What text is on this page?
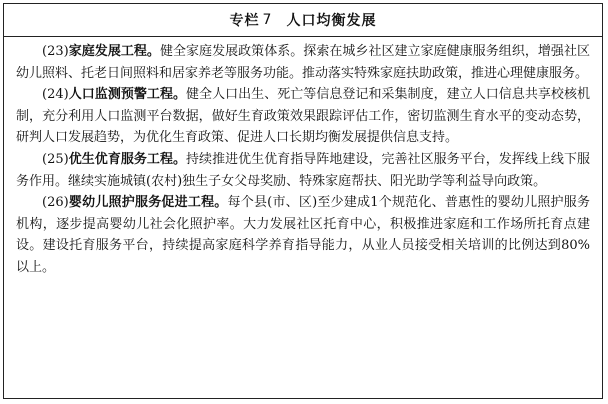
专栏 7 人口均衡发展

(23)家庭发展工程。健全家庭发展政策体系。探索在城乡社区建立家庭健康服务组织，增强社区幼儿照料、托老日间照料和居家养老等服务功能。推动落实特殊家庭扶助政策，推进心理健康服务。

(24)人口监测预警工程。健全人口出生、死亡等信息登记和采集制度，建立人口信息共享校核机制，充分利用人口监测平台数据，做好生育政策效果跟踪评估工作，密切监测生育水平的变动态势，研判人口发展趋势，为优化生育政策、促进人口长期均衡发展提供信息支持。

(25)优生优育服务工程。持续推进优生优育指导阵地建设，完善社区服务平台，发挥线上线下服务作用。继续实施城镇(农村)独生子女父母奖励、特殊家庭帮扶、阳光助学等利益导向政策。

(26)婴幼儿照护服务促进工程。每个县(市、区)至少建成1个规范化、普惠性的婴幼儿照护服务机构，逐步提高婴幼儿社会化照护率。大力发展社区托育中心，积极推进家庭和工作场所托育点建设。建设托育服务平台，持续提高家庭科学养育指导能力，从业人员接受相关培训的比例达到80%以上。
